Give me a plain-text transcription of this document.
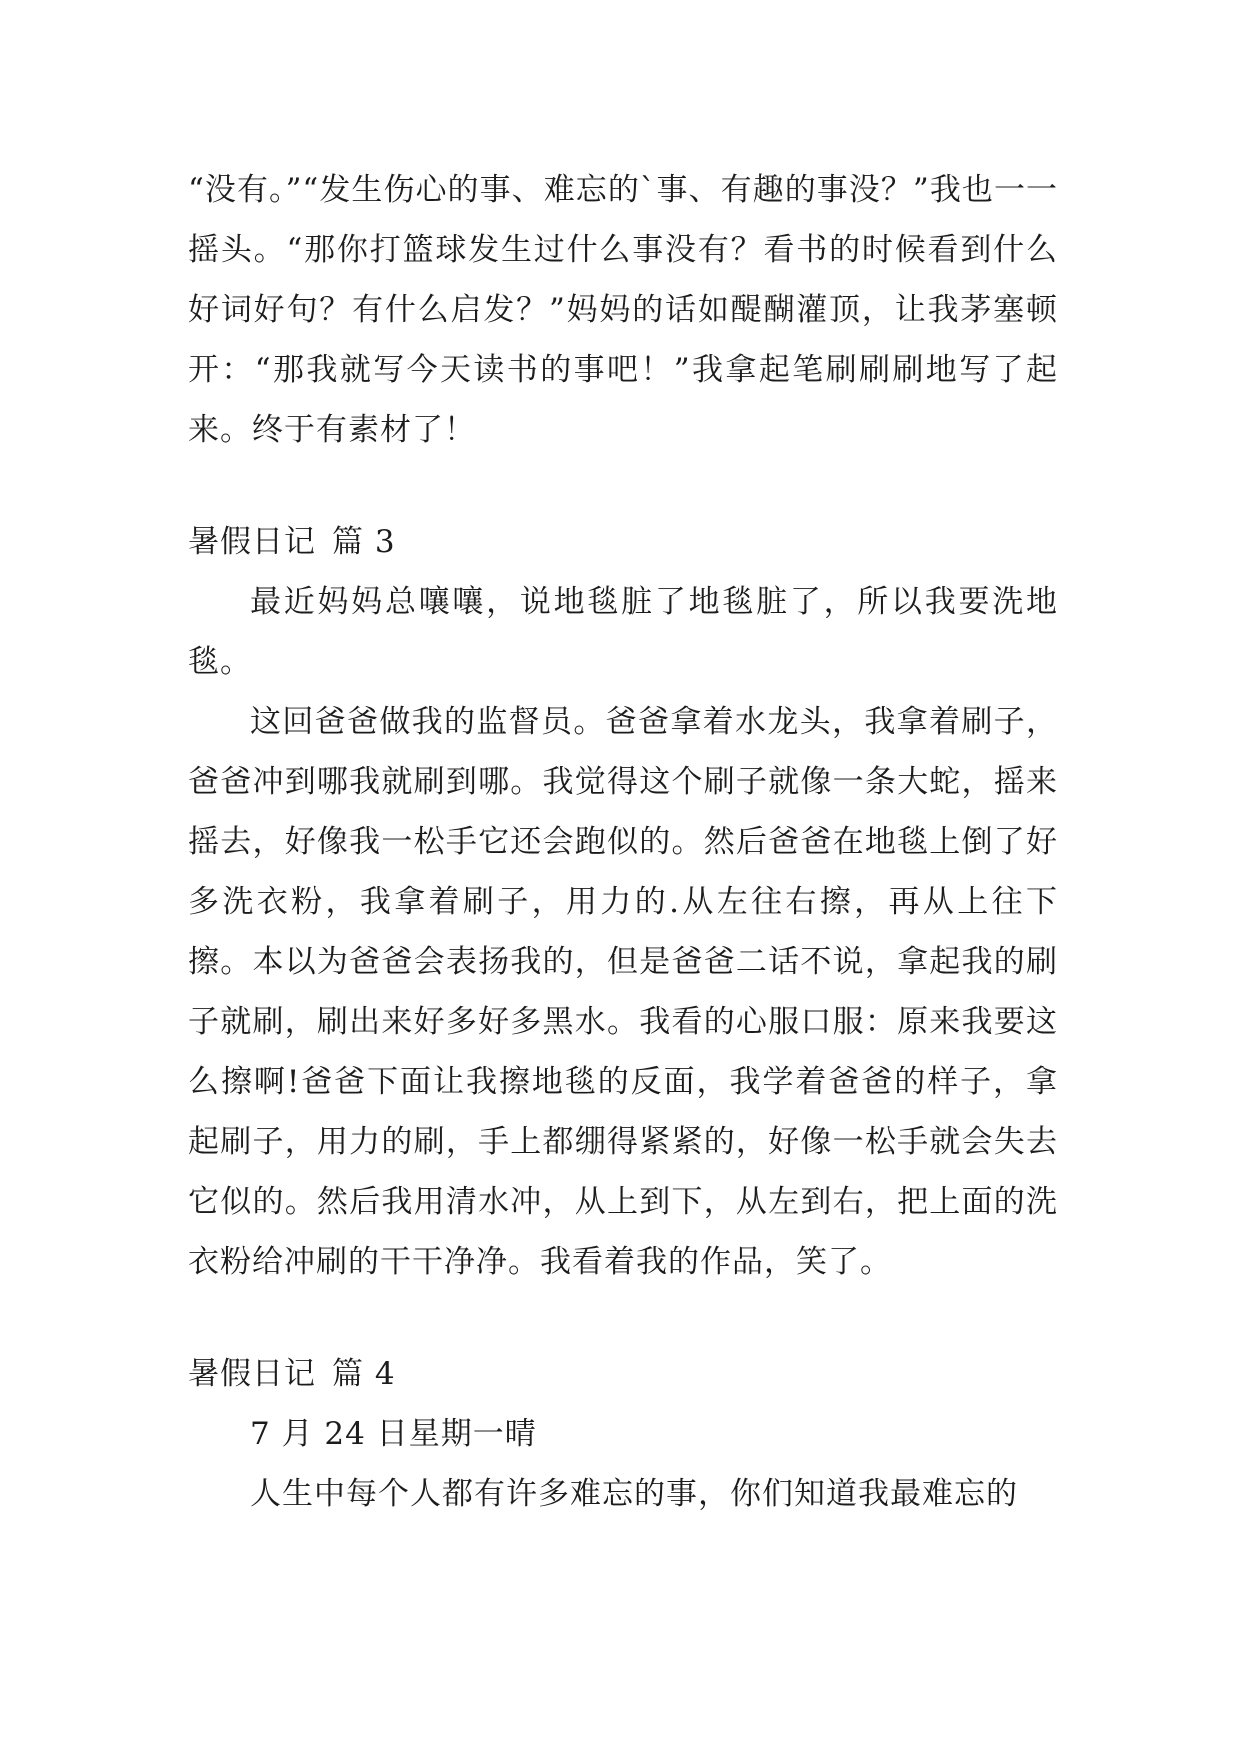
“没有。”“发生伤心的事、难忘的`事、有趣的事没？”我也一一摇头。“那你打篮球发生过什么事没有？看书的时候看到什么好词好句？有什么启发？”妈妈的话如醍醐灌顶，让我茅塞顿开：“那我就写今天读书的事吧！”我拿起笔刷刷刷地写了起来。终于有素材了！

暑假日记 篇 3

最近妈妈总嚷嚷，说地毯脏了地毯脏了，所以我要洗地毯。

这回爸爸做我的监督员。爸爸拿着水龙头，我拿着刷子，爸爸冲到哪我就刷到哪。我觉得这个刷子就像一条大蛇，摇来摇去，好像我一松手它还会跑似的。然后爸爸在地毯上倒了好多洗衣粉，我拿着刷子，用力的.从左往右擦，再从上往下擦。本以为爸爸会表扬我的，但是爸爸二话不说，拿起我的刷子就刷，刷出来好多好多黑水。我看的心服口服：原来我要这么擦啊!爸爸下面让我擦地毯的反面，我学着爸爸的样子，拿起刷子，用力的刷，手上都绷得紧紧的，好像一松手就会失去它似的。然后我用清水冲，从上到下，从左到右，把上面的洗衣粉给冲刷的干干净净。我看着我的作品，笑了。

暑假日记 篇 4

7 月 24 日星期一晴

人生中每个人都有许多难忘的事，你们知道我最难忘的
